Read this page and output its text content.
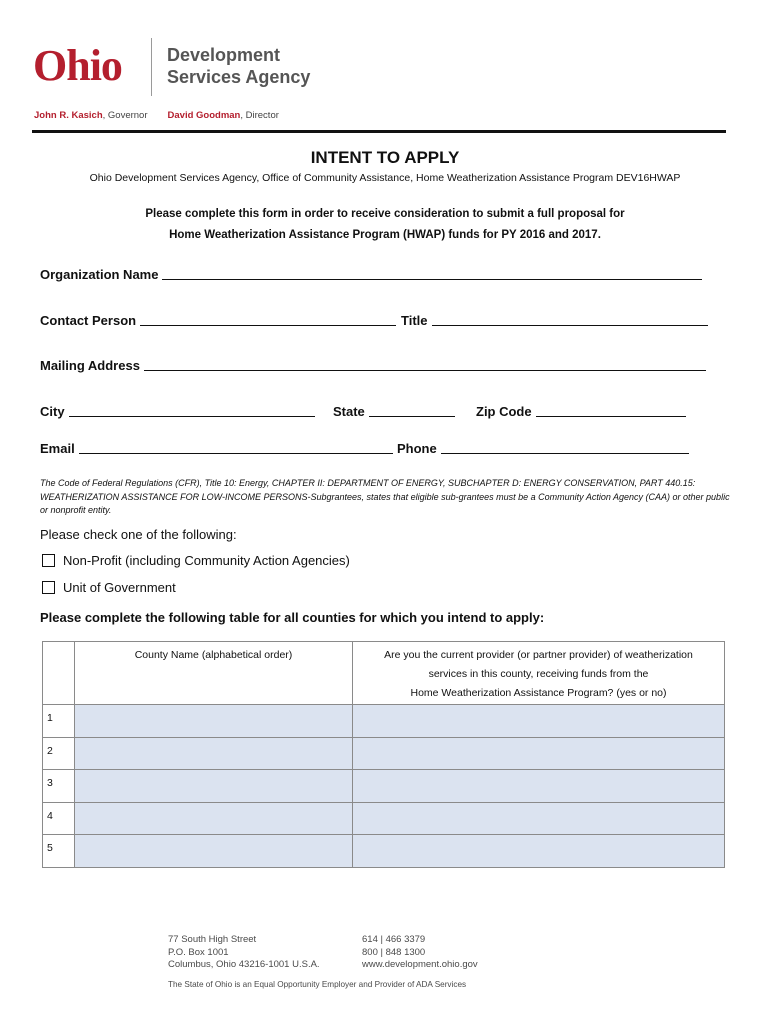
Ohio	Development
Services Agency
John R. Kasich, Governor David Goodman, Director
INTENT TO APPLY
Ohio Development Services Agency, Office of Community Assistance, Home Weatherization Assistance Program DEV16HWAP
Please complete this form in order to receive consideration to submit a full proposal for
Home Weatherization Assistance Program (HWAP) funds for PY 2016 and 2017.
Organization Name
Contact Person	Title
Mailing Address
City	State	Zip Code
Email	Phone
The Code of Federal Regulations (CFR), Title 10: Energy, CHAPTER II: DEPARTMENT OF ENERGY, SUBCHAPTER D: ENERGY CONSERVATION, PART 440.15: WEATHERIZATION ASSISTANCE FOR LOW-INCOME PERSONS-Subgrantees, states that eligible sub-grantees must be a Community Action Agency (CAA) or other public or nonprofit entity.
Please check one of the following:
Non-Profit (including Community Action Agencies)
Unit of Government
Please complete the following table for all counties for which you intend to apply:
	County Name (alphabetical order)	Are you the current provider (or partner provider) of weatherization
services in this county, receiving funds from the
Home Weatherization Assistance Program? (yes or no)

1		
2		
3		
4		
5		
77 South High Street
P.O. Box 1001
Columbus, Ohio 43216-1001 U.S.A.
614 | 466 3379
800 | 848 1300
www.development.ohio.gov
The State of Ohio is an Equal Opportunity Employer and Provider of ADA Services
